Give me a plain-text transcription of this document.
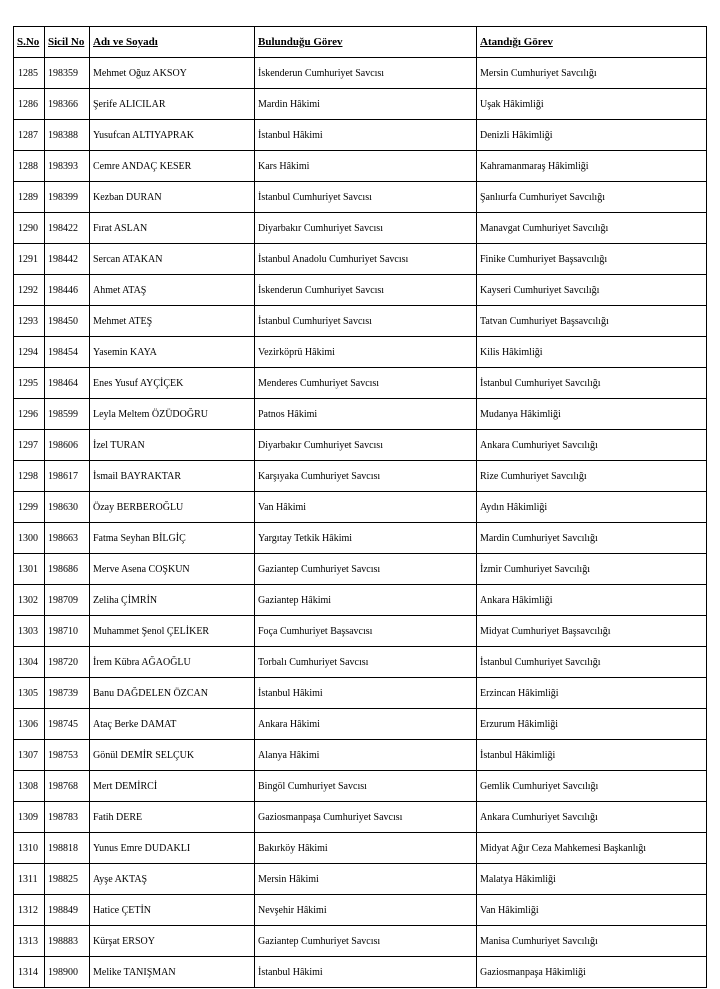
S.No	Sicil No	Adı ve Soyadı	Bulunduğu Görev	Atandığı Görev
1285	198359	Mehmet Oğuz AKSOY	İskenderun Cumhuriyet Savcısı	Mersin Cumhuriyet Savcılığı
1286	198366	Şerife ALICILAR	Mardin Hâkimi	Uşak Hâkimliği
1287	198388	Yusufcan ALTIYAPRAK	İstanbul Hâkimi	Denizli Hâkimliği
1288	198393	Cemre ANDAÇ KESER	Kars Hâkimi	Kahramanmaraş Hâkimliği
1289	198399	Kezban DURAN	İstanbul Cumhuriyet Savcısı	Şanlıurfa Cumhuriyet Savcılığı
1290	198422	Fırat ASLAN	Diyarbakır Cumhuriyet Savcısı	Manavgat Cumhuriyet Savcılığı
1291	198442	Sercan ATAKAN	İstanbul Anadolu Cumhuriyet Savcısı	Finike Cumhuriyet Başsavcılığı
1292	198446	Ahmet ATAŞ	İskenderun Cumhuriyet Savcısı	Kayseri Cumhuriyet Savcılığı
1293	198450	Mehmet ATEŞ	İstanbul Cumhuriyet Savcısı	Tatvan Cumhuriyet Başsavcılığı
1294	198454	Yasemin KAYA	Vezirköprü Hâkimi	Kilis Hâkimliği
1295	198464	Enes Yusuf AYÇİÇEK	Menderes Cumhuriyet Savcısı	İstanbul Cumhuriyet Savcılığı
1296	198599	Leyla Meltem ÖZÜDOĞRU	Patnos Hâkimi	Mudanya Hâkimliği
1297	198606	İzel TURAN	Diyarbakır Cumhuriyet Savcısı	Ankara Cumhuriyet Savcılığı
1298	198617	İsmail BAYRAKTAR	Karşıyaka Cumhuriyet Savcısı	Rize Cumhuriyet Savcılığı
1299	198630	Özay BERBEROĞLU	Van Hâkimi	Aydın Hâkimliği
1300	198663	Fatma Seyhan BİLGİÇ	Yargıtay Tetkik Hâkimi	Mardin Cumhuriyet Savcılığı
1301	198686	Merve Asena COŞKUN	Gaziantep Cumhuriyet Savcısı	İzmir Cumhuriyet Savcılığı
1302	198709	Zeliha ÇİMRİN	Gaziantep Hâkimi	Ankara Hâkimliği
1303	198710	Muhammet Şenol ÇELİKER	Foça Cumhuriyet Başsavcısı	Midyat Cumhuriyet Başsavcılığı
1304	198720	İrem Kübra AĞAOĞLU	Torbalı Cumhuriyet Savcısı	İstanbul Cumhuriyet Savcılığı
1305	198739	Banu DAĞDELEN ÖZCAN	İstanbul Hâkimi	Erzincan Hâkimliği
1306	198745	Ataç Berke DAMAT	Ankara Hâkimi	Erzurum Hâkimliği
1307	198753	Gönül DEMİR SELÇUK	Alanya Hâkimi	İstanbul Hâkimliği
1308	198768	Mert DEMİRCİ	Bingöl Cumhuriyet Savcısı	Gemlik Cumhuriyet Savcılığı
1309	198783	Fatih DERE	Gaziosmanpaşa Cumhuriyet Savcısı	Ankara Cumhuriyet Savcılığı
1310	198818	Yunus Emre DUDAKLI	Bakırköy Hâkimi	Midyat Ağır Ceza Mahkemesi Başkanlığı
1311	198825	Ayşe AKTAŞ	Mersin Hâkimi	Malatya Hâkimliği
1312	198849	Hatice ÇETİN	Nevşehir Hâkimi	Van Hâkimliği
1313	198883	Kürşat ERSOY	Gaziantep Cumhuriyet Savcısı	Manisa Cumhuriyet Savcılığı
1314	198900	Melike TANIŞMAN	İstanbul Hâkimi	Gaziosmanpaşa Hâkimliği
